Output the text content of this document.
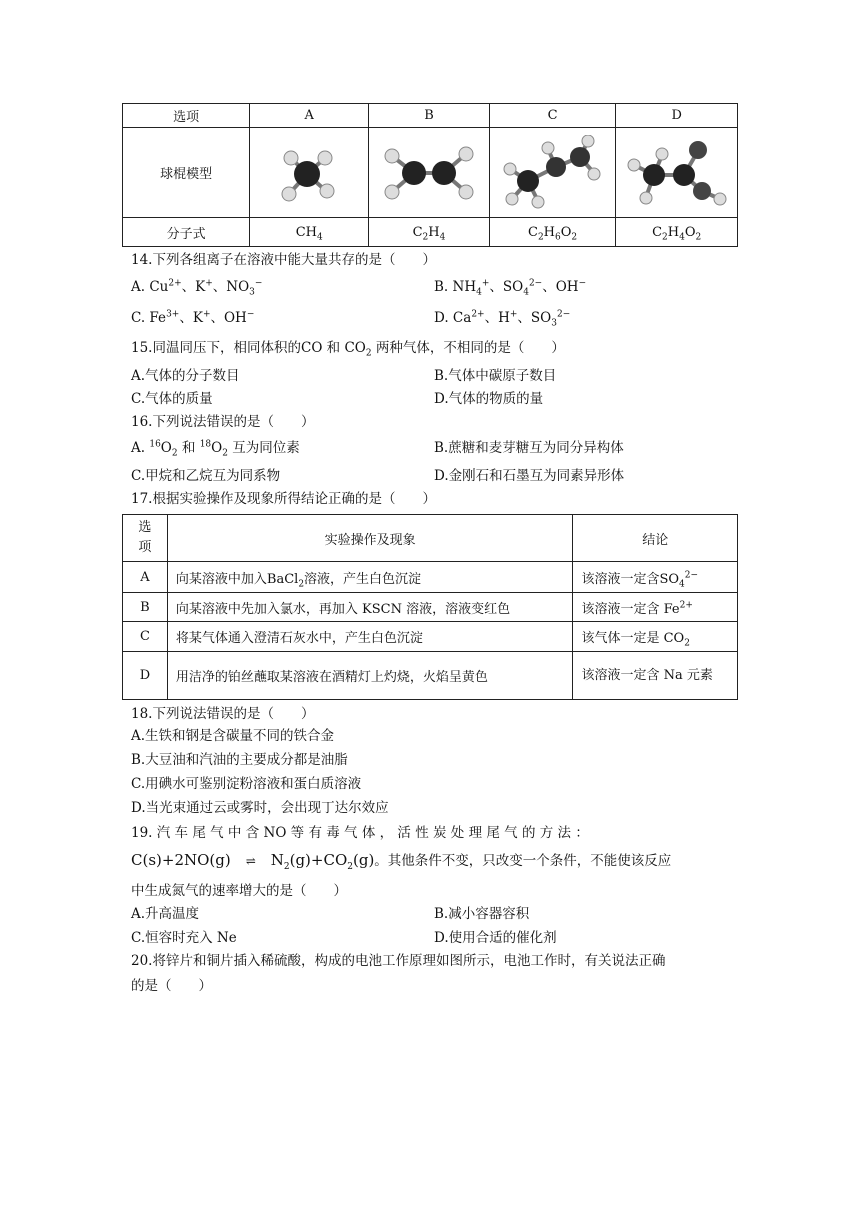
选项	A	B	C	D
球棍模型	

分子式	$CH_4$	$C_2H_4$	$C_2H_6O_2$	$C_2H_4O_2$
14.下列各组离子在溶液中能大量共存的是（　　）
A. $Cu^{2+}$、K+、$NO_3^-$	B. $NH_4^+$、$SO_4^{2-}$、OH−
C. $Fe^{3+}$、K+、OH−	D. $Ca^{2+}$、H+、$SO_3^{2-}$
15.同温同压下，相同体积的CO 和 $CO_2$ 两种气体，不相同的是（　　）
A.气体的分子数目	B.气体中碳原子数目
C.气体的质量	D.气体的物质的量
16.下列说法错误的是（　　）
A. $^{16}O_2$ 和 $^{18}O_2$ 互为同位素	B.蔗糖和麦芽糖互为同分异构体
C.甲烷和乙烷互为同系物	D.金刚石和石墨互为同素异形体
17.根据实验操作及现象所得结论正确的是（　　）
选
项	实验操作及现象	结论
A	向某溶液中加入BaCl$_2$溶液，产生白色沉淀	该溶液一定含$SO_4^{2-}$
B	向某溶液中先加入氯水，再加入 KSCN 溶液，溶液变红色	该溶液一定含 $Fe^{2+}$
C	将某气体通入澄清石灰水中，产生白色沉淀	该气体一定是 $CO_2$
D	用洁净的铂丝蘸取某溶液在酒精灯上灼烧，火焰呈黄色	该溶液一定含 Na 元素
18.下列说法错误的是（　　）
A.生铁和钢是含碳量不同的铁合金
B.大豆油和汽油的主要成分都是油脂
C.用碘水可鉴别淀粉溶液和蛋白质溶液
D.当光束通过云或雾时，会出现丁达尔效应
19. 汽 车 尾 气 中 含 NO 等 有 毒 气 体 ， 活 性 炭 处 理 尾 气 的 方 法 ：
C(s)+2NO(g) ⇌ $N_2(g)+CO_2(g)$。其他条件不变，只改变一个条件，不能使该反应
中生成氮气的速率增大的是（　　）
A.升高温度	B.减小容器容积
C.恒容时充入 Ne	D.使用合适的催化剂
20.将锌片和铜片插入稀硫酸，构成的电池工作原理如图所示，电池工作时，有关说法正确
的是（　　）
